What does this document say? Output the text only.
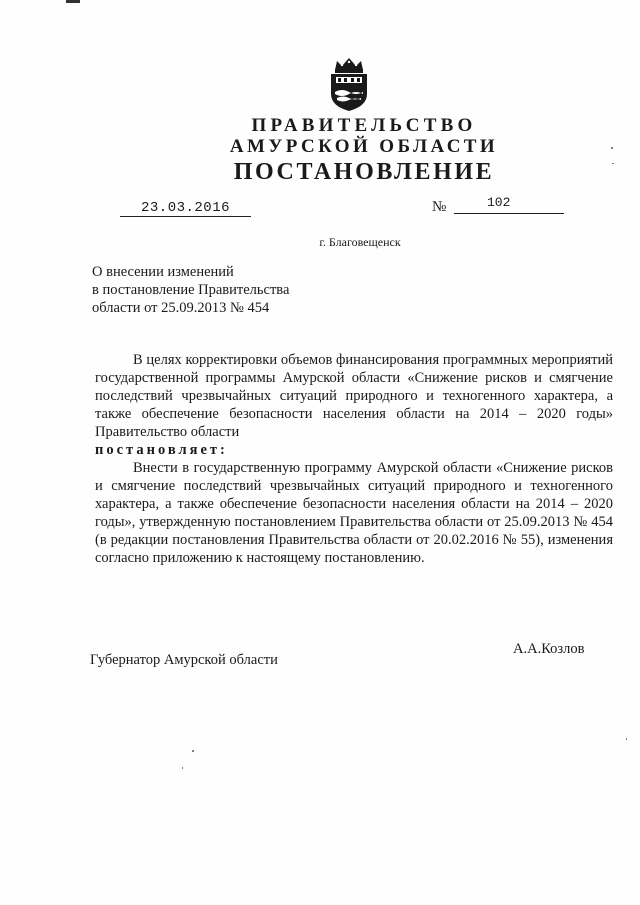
ПРАВИТЕЛЬСТВО
АМУРСКОЙ ОБЛАСТИ
ПОСТАНОВЛЕНИЕ
23.03.2016	№	102
г. Благовещенск
О внесении изменений
в постановление Правительства
области от 25.09.2013 № 454

В целях корректировки объемов финансирования программных мероприятий государственной программы Амурской области «Снижение рисков и смягчение последствий чрезвычайных ситуаций природного и техногенного характера, а также обеспечение безопасности населения области на 2014 – 2020 годы» Правительство области

постановляет:

Внести в государственную программу Амурской области «Снижение рисков и смягчение последствий чрезвычайных ситуаций природного и техногенного характера, а также обеспечение безопасности населения области на 2014 – 2020 годы», утвержденную постановлением Правительства области от 25.09.2013 № 454 (в редакции постановления Правительства области от 20.02.2016 № 55), изменения согласно приложению к настоящему постановлению.

Губернатор Амурской области
А.А.Козлов
